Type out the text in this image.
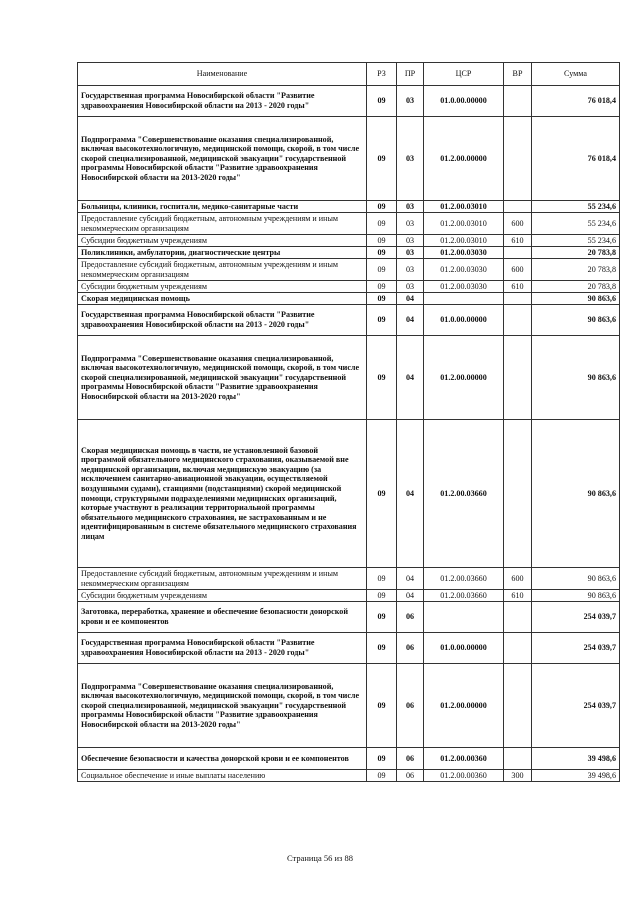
Наименование	РЗ	ПР	ЦСР	ВР	Сумма
Государственная программа Новосибирской области "Развитие здравоохранения Новосибирской области на 2013 - 2020 годы"	09	03	01.0.00.00000		76 018,4
Подпрограмма "Совершенствование оказания специализированной, включая высокотехнологичную, медицинской помощи, скорой, в том числе скорой специализированной, медицинской эвакуации" государственной программы Новосибирской области "Развитие здравоохранения Новосибирской области на 2013-2020 годы"	09	03	01.2.00.00000		76 018,4
Больницы, клиники, госпитали, медико-санитарные части	09	03	01.2.00.03010		55 234,6
Предоставление субсидий бюджетным, автономным учреждениям и иным некоммерческим организациям	09	03	01.2.00.03010	600	55 234,6
Субсидии бюджетным учреждениям	09	03	01.2.00.03010	610	55 234,6
Поликлиники, амбулатории, диагностические центры	09	03	01.2.00.03030		20 783,8
Предоставление субсидий бюджетным, автономным учреждениям и иным некоммерческим организациям	09	03	01.2.00.03030	600	20 783,8
Субсидии бюджетным учреждениям	09	03	01.2.00.03030	610	20 783,8
Скорая медицинская помощь	09	04			90 863,6
Государственная программа Новосибирской области "Развитие здравоохранения Новосибирской области на 2013 - 2020 годы"	09	04	01.0.00.00000		90 863,6
Подпрограмма "Совершенствование оказания специализированной, включая высокотехнологичную, медицинской помощи, скорой, в том числе скорой специализированной, медицинской эвакуации" государственной программы Новосибирской области "Развитие здравоохранения Новосибирской области на 2013-2020 годы"	09	04	01.2.00.00000		90 863,6
Скорая медицинская помощь в части, не установленной базовой программой обязательного медицинского страхования, оказываемой вне медицинской организации, включая медицинскую эвакуацию (за исключением санитарно-авиационной эвакуации, осуществляемой воздушными судами), станциями (подстанциями) скорой медицинской помощи, структурными подразделениями медицинских организаций, которые участвуют в реализации территориальной программы обязательного медицинского страхования, не застрахованным и не идентифицированным в системе обязательного медицинского страхования лицам	09	04	01.2.00.03660		90 863,6
Предоставление субсидий бюджетным, автономным учреждениям и иным некоммерческим организациям	09	04	01.2.00.03660	600	90 863,6
Субсидии бюджетным учреждениям	09	04	01.2.00.03660	610	90 863,6
Заготовка, переработка, хранение и обеспечение безопасности донорской крови и ее компонентов	09	06			254 039,7
Государственная программа Новосибирской области "Развитие здравоохранения Новосибирской области на 2013 - 2020 годы"	09	06	01.0.00.00000		254 039,7
Подпрограмма "Совершенствование оказания специализированной, включая высокотехнологичную, медицинской помощи, скорой, в том числе скорой специализированной, медицинской эвакуации" государственной программы Новосибирской области "Развитие здравоохранения Новосибирской области на 2013-2020 годы"	09	06	01.2.00.00000		254 039,7
Обеспечение безопасности и качества донорской крови и ее компонентов	09	06	01.2.00.00360		39 498,6
Социальное обеспечение и иные выплаты населению	09	06	01.2.00.00360	300	39 498,6
Страница 56 из 88
